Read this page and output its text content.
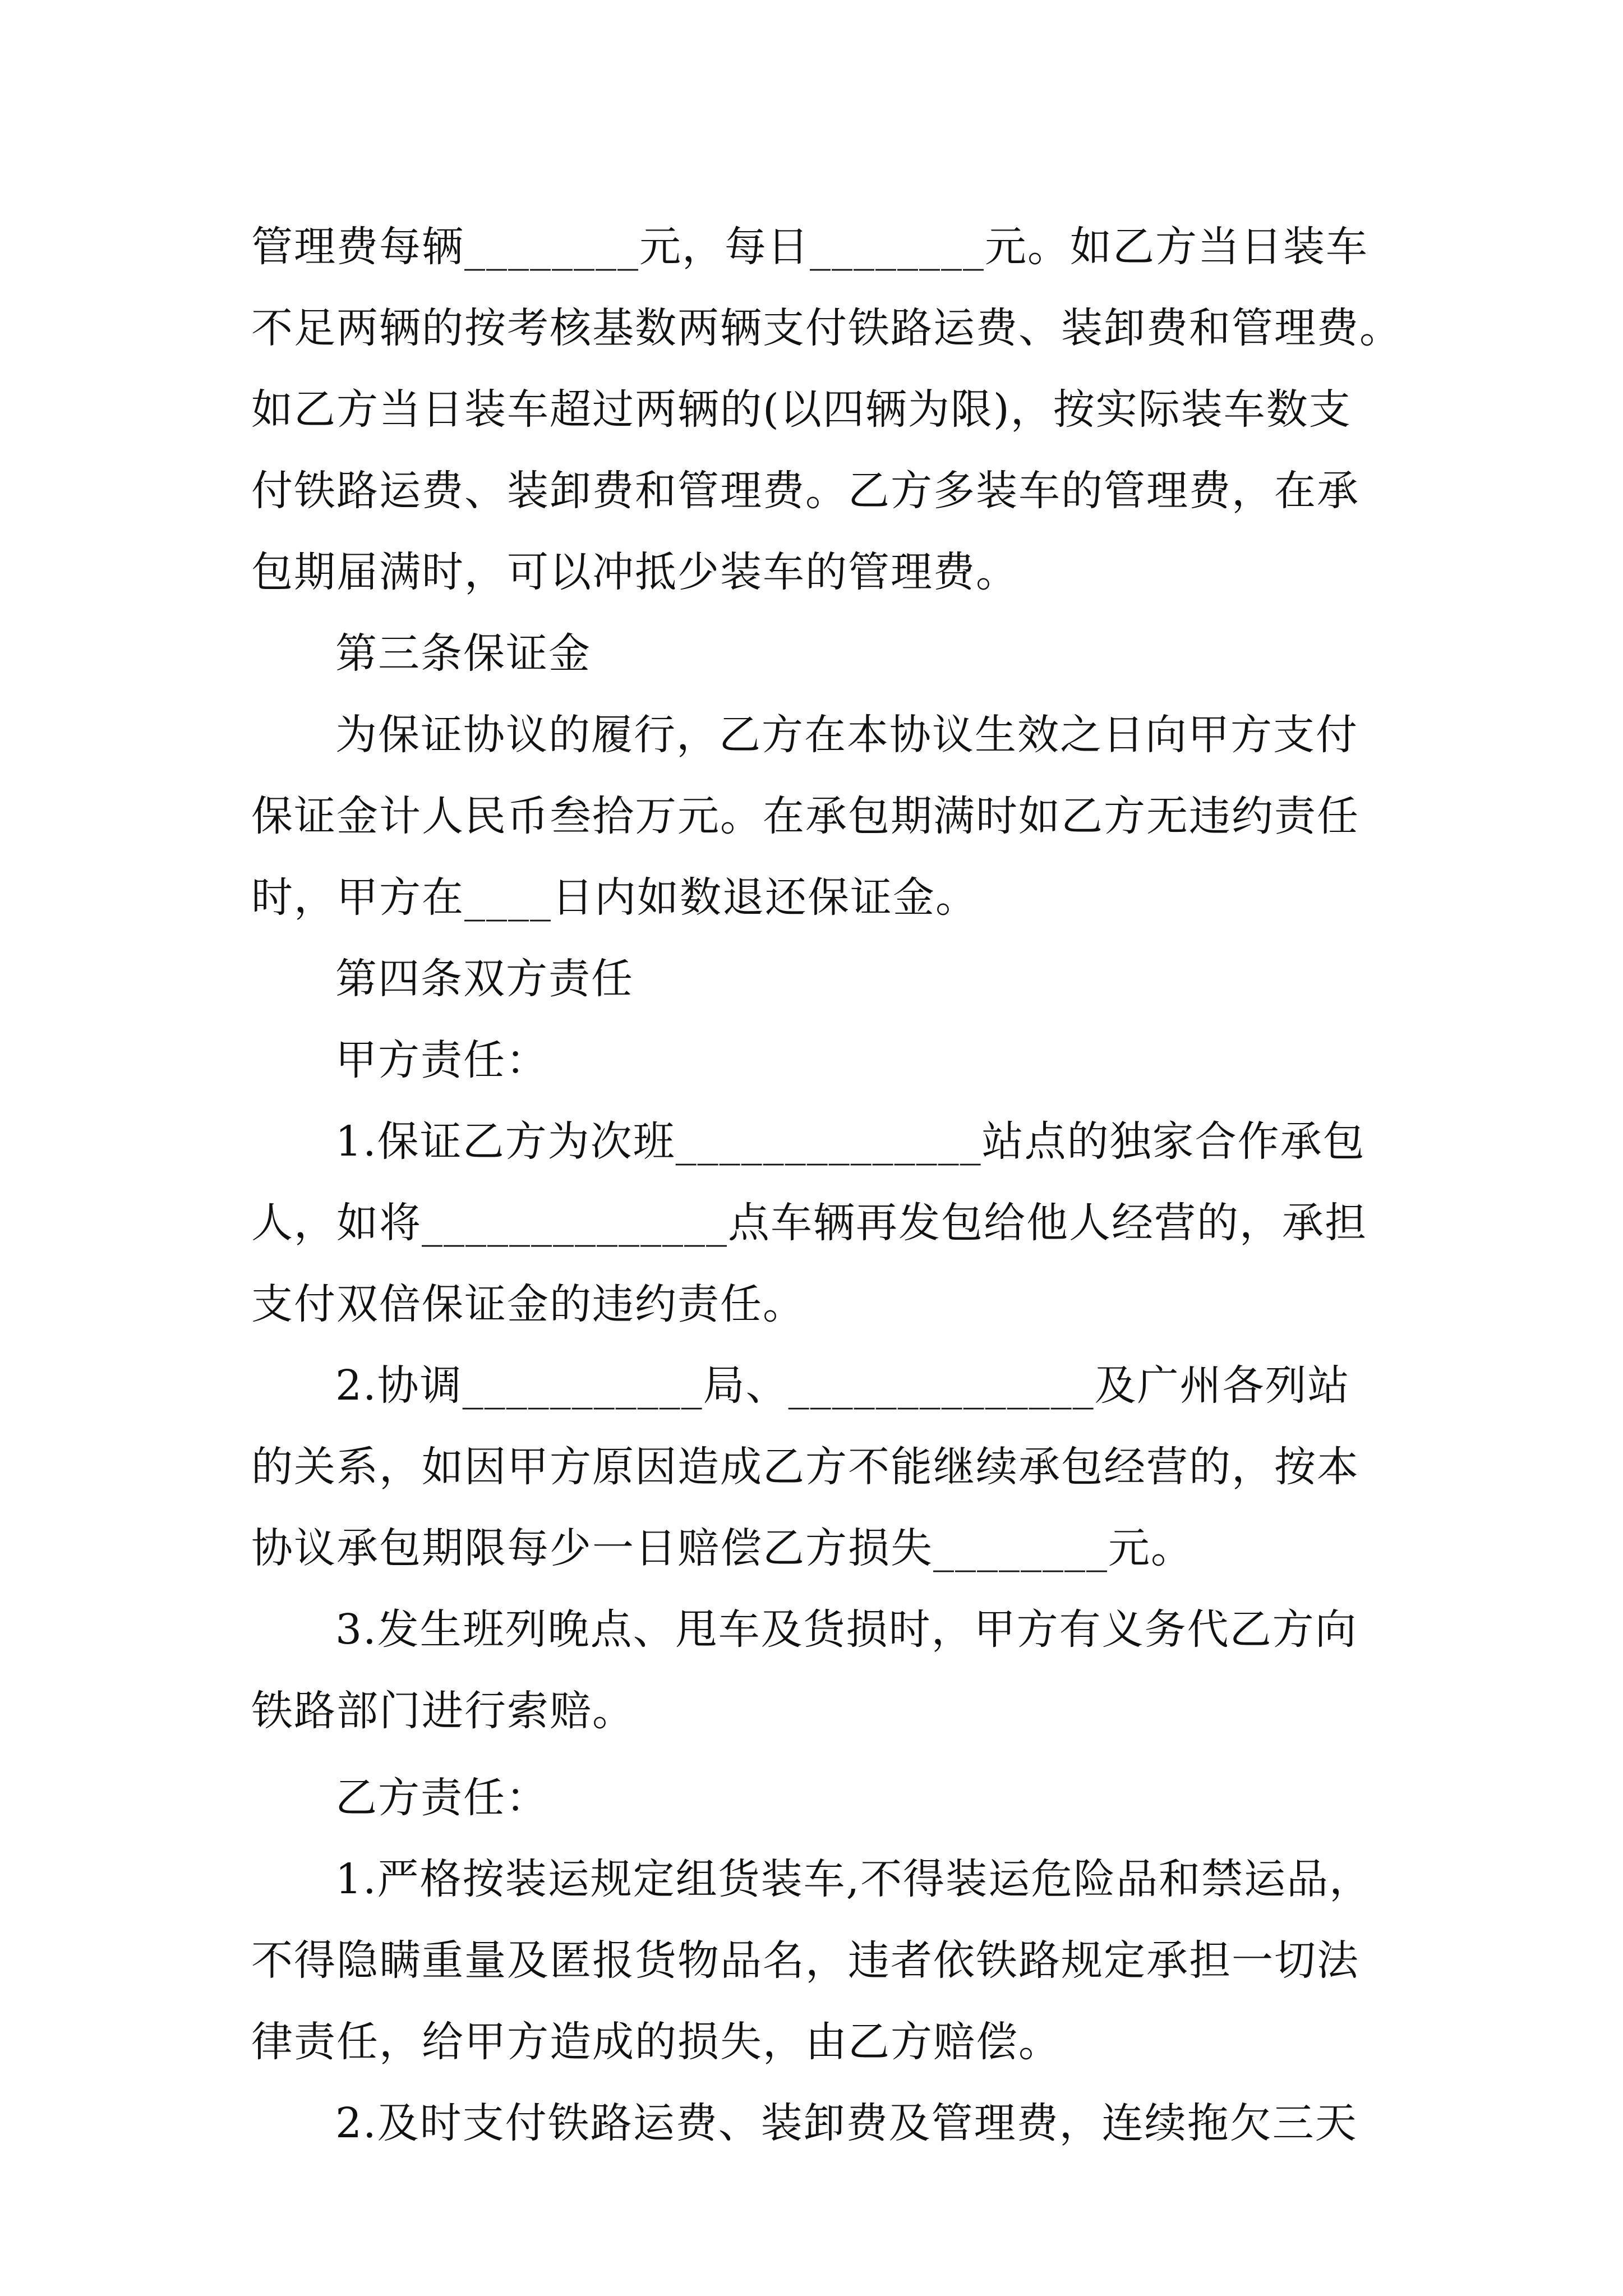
管理费每辆________元，每日________元。如乙方当日装车
不足两辆的按考核基数两辆支付铁路运费、装卸费和管理费。
如乙方当日装车超过两辆的(以四辆为限)，按实际装车数支
付铁路运费、装卸费和管理费。乙方多装车的管理费，在承
包期届满时，可以冲抵少装车的管理费。
第三条保证金
为保证协议的履行，乙方在本协议生效之日向甲方支付
保证金计人民币叁拾万元。在承包期满时如乙方无违约责任
时，甲方在____日内如数退还保证金。
第四条双方责任
甲方责任：
1.保证乙方为次班______________站点的独家合作承包
人，如将______________点车辆再发包给他人经营的，承担
支付双倍保证金的违约责任。
2.协调___________局、______________及广州各列站
的关系，如因甲方原因造成乙方不能继续承包经营的，按本
协议承包期限每少一日赔偿乙方损失________元。
3.发生班列晚点、甩车及货损时，甲方有义务代乙方向
铁路部门进行索赔。
乙方责任：
1.严格按装运规定组货装车,不得装运危险品和禁运品，
不得隐瞒重量及匿报货物品名，违者依铁路规定承担一切法
律责任，给甲方造成的损失，由乙方赔偿。
2.及时支付铁路运费、装卸费及管理费，连续拖欠三天
